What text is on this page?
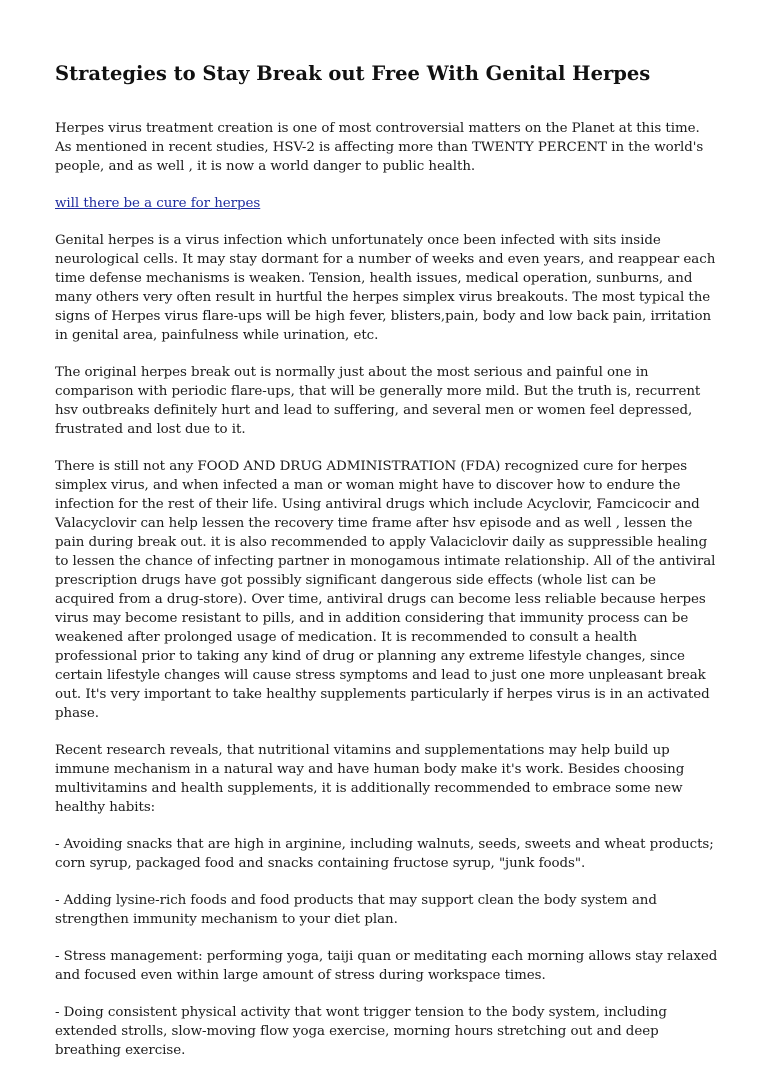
Strategies to Stay Break out Free With Genital Herpes

Herpes virus treatment creation is one of most controversial matters on the Planet at this time. As mentioned in recent studies, HSV-2 is affecting more than TWENTY PERCENT in the world's people, and as well , it is now a world danger to public health.

will there be a cure for herpes

Genital herpes is a virus infection which unfortunately once been infected with sits inside neurological cells. It may stay dormant for a number of weeks and even years, and reappear each time defense mechanisms is weaken. Tension, health issues, medical operation, sunburns, and many others very often result in hurtful the herpes simplex virus breakouts. The most typical the signs of Herpes virus flare-ups will be high fever, blisters,pain, body and low back pain, irritation in genital area, painfulness while urination, etc.

The original herpes break out is normally just about the most serious and painful one in comparison with periodic flare-ups, that will be generally more mild. But the truth is, recurrent hsv outbreaks definitely hurt and lead to suffering, and several men or women feel depressed, frustrated and lost due to it.

There is still not any FOOD AND DRUG ADMINISTRATION (FDA) recognized cure for herpes simplex virus, and when infected a man or woman might have to discover how to endure the infection for the rest of their life. Using antiviral drugs which include Acyclovir, Famcicocir and Valacyclovir can help lessen the recovery time frame after hsv episode and as well , lessen the pain during break out. it is also recommended to apply Valaciclovir daily as suppressible healing to lessen the chance of infecting partner in monogamous intimate relationship. All of the antiviral prescription drugs have got possibly significant dangerous side effects (whole list can be acquired from a drug-store). Over time, antiviral drugs can become less reliable because herpes virus may become resistant to pills, and in addition considering that immunity process can be weakened after prolonged usage of medication. It is recommended to consult a health professional prior to taking any kind of drug or planning any extreme lifestyle changes, since certain lifestyle changes will cause stress symptoms and lead to just one more unpleasant break out. It's very important to take healthy supplements particularly if herpes virus is in an activated phase.

Recent research reveals, that nutritional vitamins and supplementations may help build up immune mechanism in a natural way and have human body make it's work. Besides choosing multivitamins and health supplements, it is additionally recommended to embrace some new healthy habits:

- Avoiding snacks that are high in arginine, including walnuts, seeds, sweets and wheat products; corn syrup, packaged food and snacks containing fructose syrup, "junk foods".

- Adding lysine-rich foods and food products that may support clean the body system and strengthen immunity mechanism to your diet plan.

- Stress management: performing yoga, taiji quan or meditating each morning allows stay relaxed and focused even within large amount of stress during workspace times.

- Doing consistent physical activity that wont trigger tension to the body system, including extended strolls, slow-moving flow yoga exercise, morning hours stretching out and deep breathing exercise.
